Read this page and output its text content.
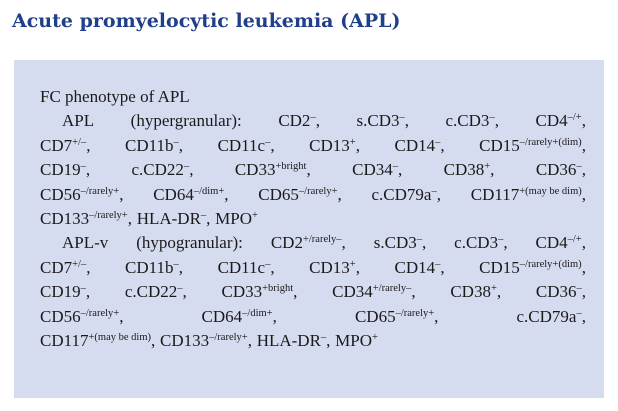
Acute promyelocytic leukemia (APL)
FC phenotype of APL
APL (hypergranular): CD2–, s.CD3–, c.CD3–, CD4–/+,
CD7+/–, CD11b–, CD11c–, CD13+, CD14–, $CD15^{-/rarely+(dim)}$,
CD19–, c.CD22–, $CD33^{+bright}$, CD34–, CD38+, CD36–,
$CD56^{-/rarely+}$, $CD64^{-/dim+}$, $CD65^{-/rarely+}$, c.CD79a–, $CD117^{+(may be dim)}$,
$CD133^{-/rarely+}$, HLA-DR–, MPO+
APL-v (hypogranular): $CD2^{+/rarely-}$, s.CD3–, c.CD3–, CD4–/+,
CD7+/–, CD11b–, CD11c–, CD13+, CD14–, $CD15^{-/rarely+(dim)}$,
CD19–, c.CD22–, $CD33^{+bright}$, $CD34^{+/rarely-}$, CD38+, CD36–,
$CD56^{-/rarely+}$,	$CD64^{-/dim+}$,	$CD65^{-/rarely+}$,	c.CD79a–,
$CD117^{+(may be dim)}$, $CD133^{-/rarely+}$, HLA-DR–, MPO+
